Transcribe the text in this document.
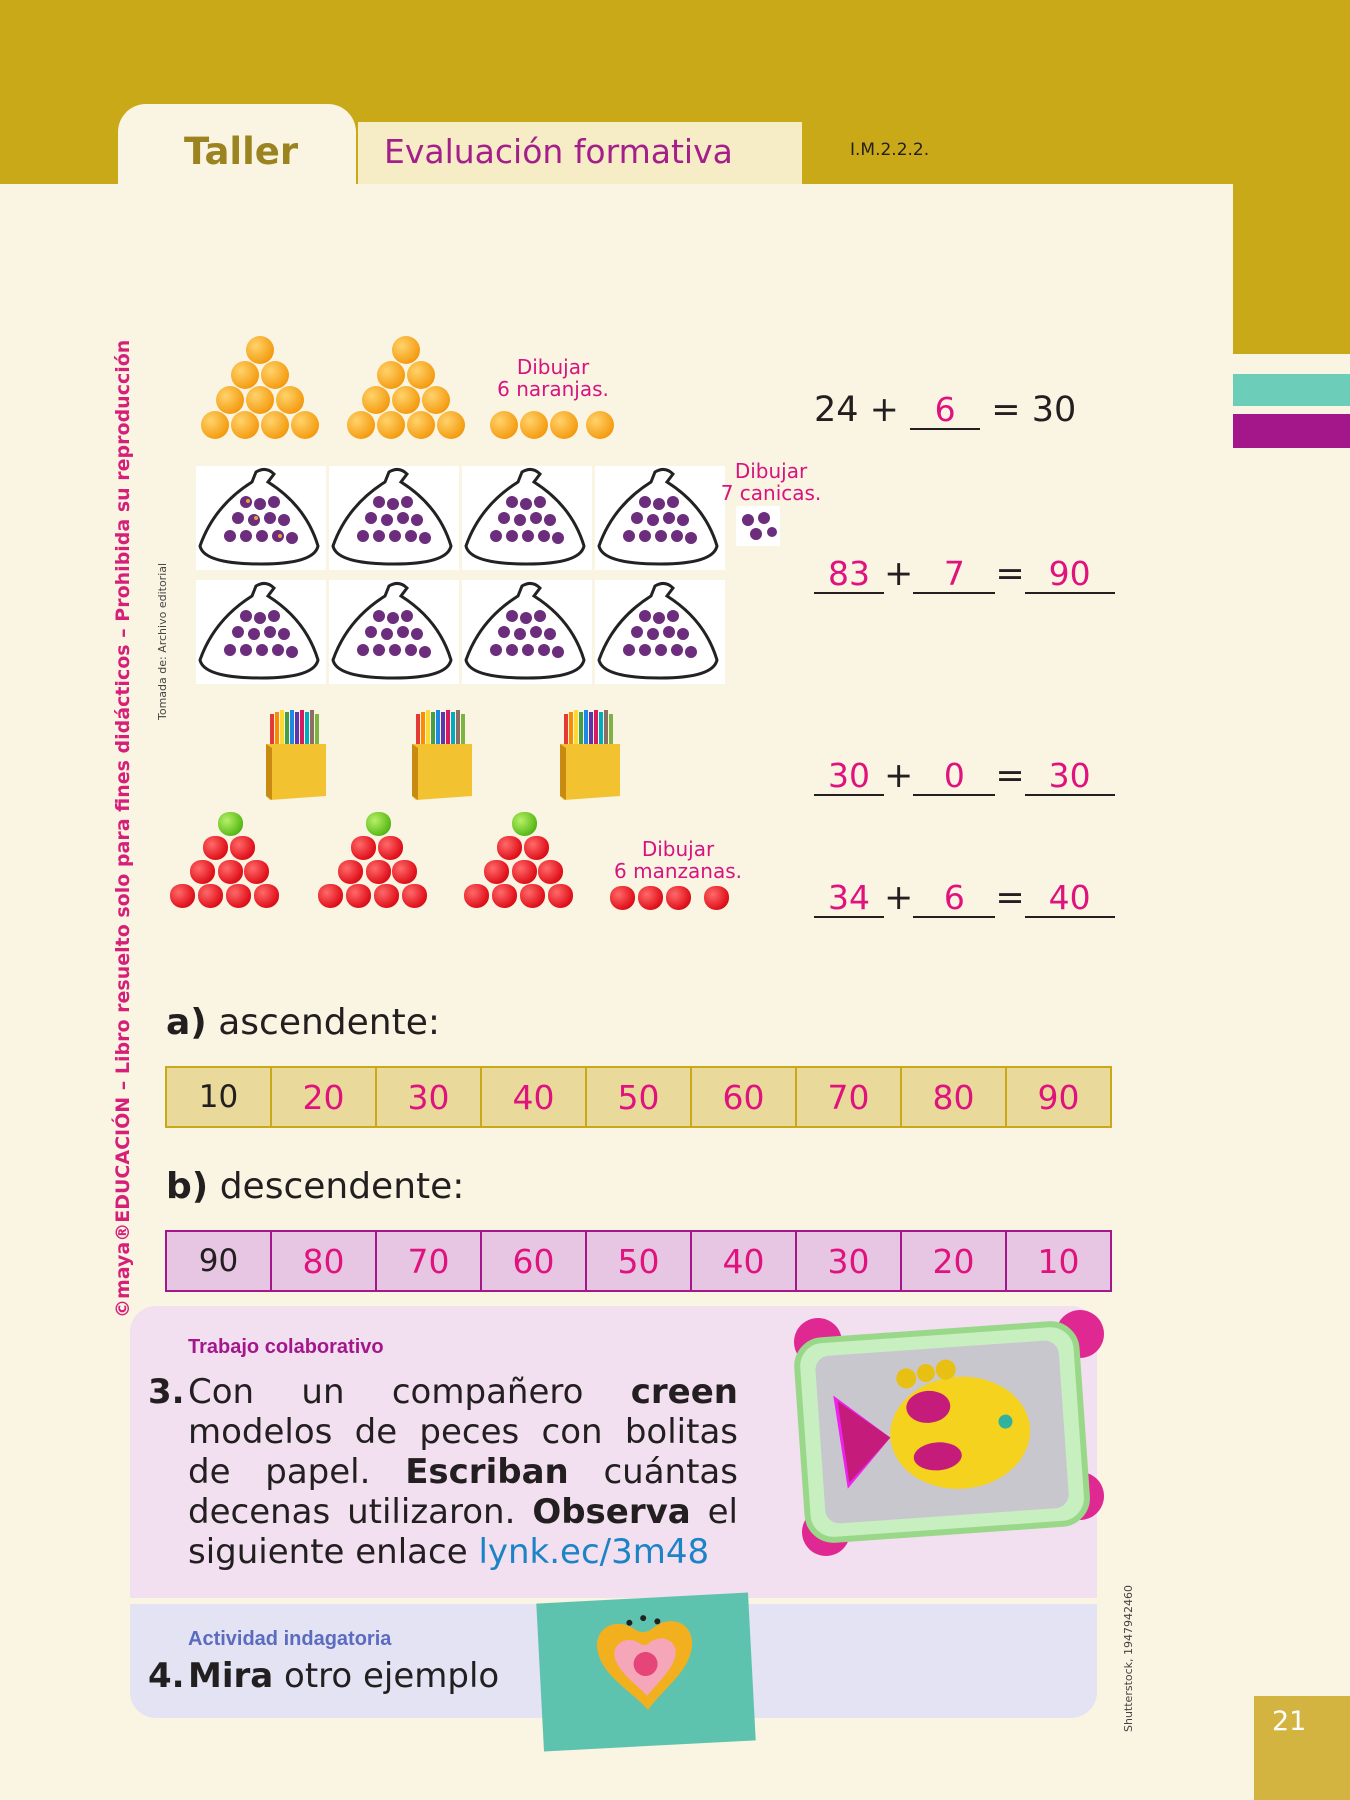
Taller	Evaluación formativa	I.M.2.2.2.
©maya®EDUCACIÓN – Libro resuelto solo para fines didácticos – Prohibida su reproducción Tomada de: Archivo editorial
Shutterstock, 1947942460
Dibujar
6 naranjas.
24 + 6 = 30
Dibujar
7 canicas.
83 + 7 = 90
30 + 0 = 30
Dibujar
6 manzanas.
34 + 6 = 40
a) ascendente:
10	20	30	40	50	60	70	80	90
b) descendente:
90	80	70	60	50	40	30	20	10
Trabajo colaborativo
3. Con un compañero creen modelos de peces con bolitas de papel. Escriban cuántas decenas utilizaron. Observa el siguiente enlace lynk.ec/3m48
Actividad indagatoria
4. Mira otro ejemplo
21
